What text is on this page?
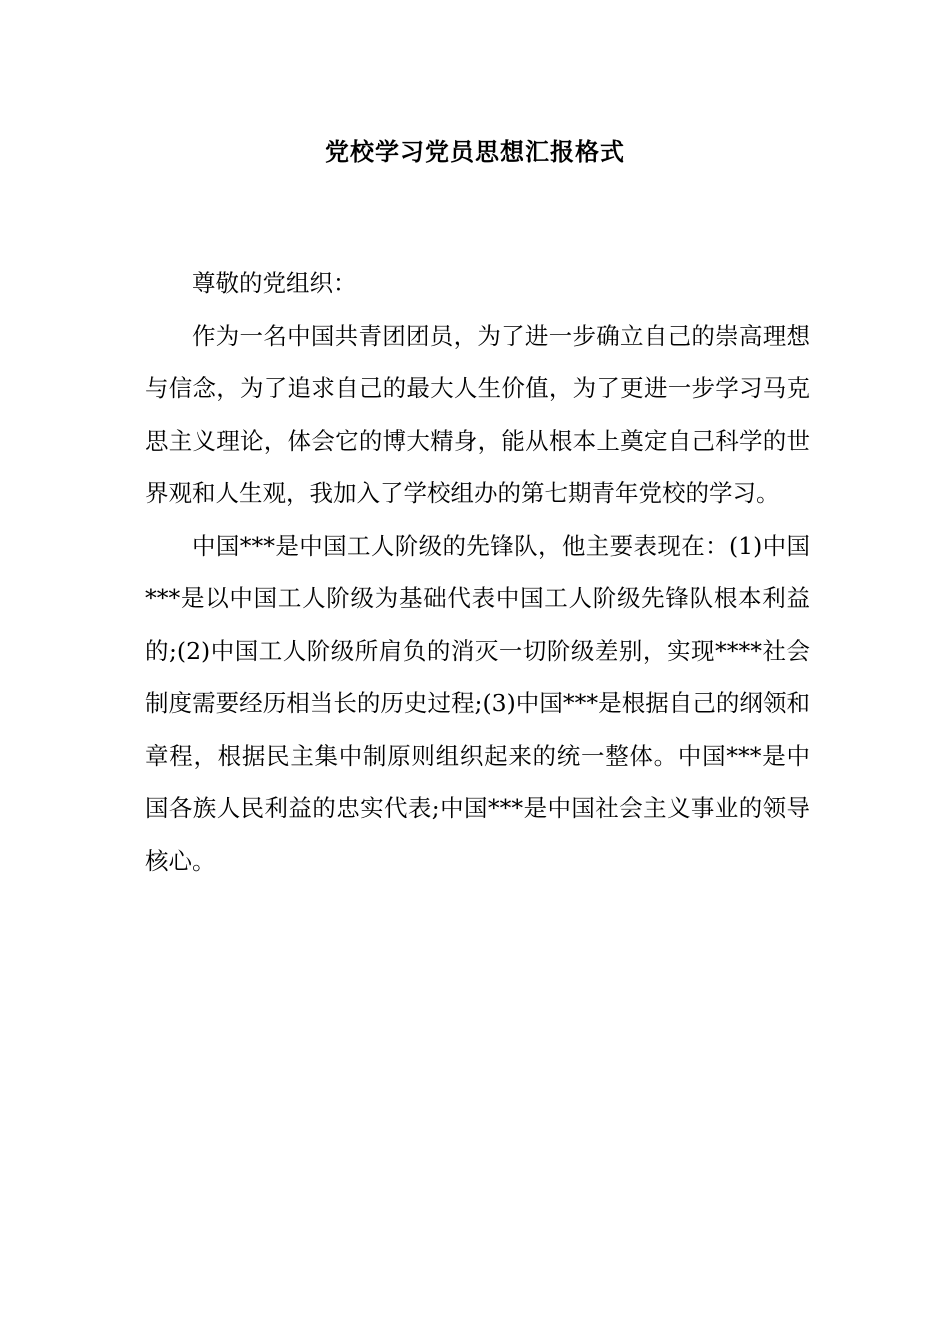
党校学习党员思想汇报格式

尊敬的党组织：

作为一名中国共青团团员，为了进一步确立自己的崇高理想与信念，为了追求自己的最大人生价值，为了更进一步学习马克思主义理论，体会它的博大精身，能从根本上奠定自己科学的世界观和人生观，我加入了学校组办的第七期青年党校的学习。

中国***是中国工人阶级的先锋队，他主要表现在：(1)中国***是以中国工人阶级为基础代表中国工人阶级先锋队根本利益的;(2)中国工人阶级所肩负的消灭一切阶级差别，实现****社会制度需要经历相当长的历史过程;(3)中国***是根据自己的纲领和章程，根据民主集中制原则组织起来的统一整体。中国***是中国各族人民利益的忠实代表;中国***是中国社会主义事业的领导核心。
